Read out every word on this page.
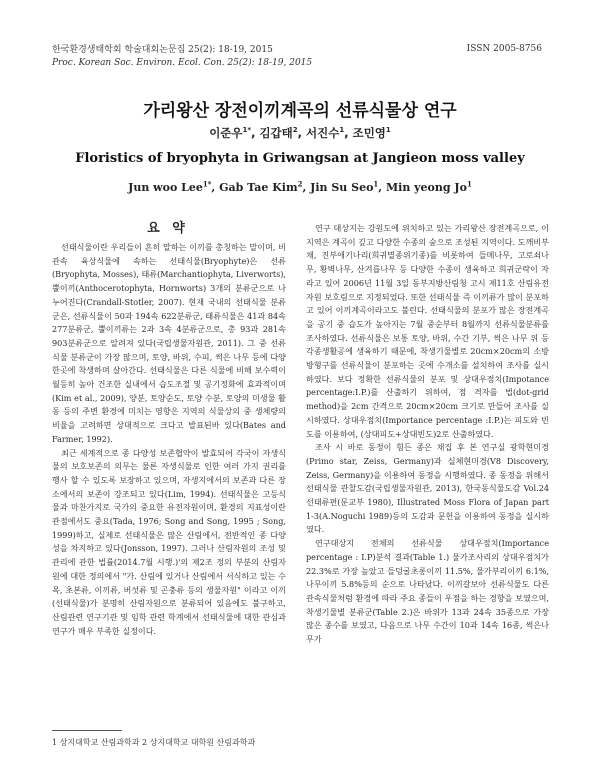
한국환경생태학회 학술대회논문집 25(2): 18-19, 2015
Proc. Korean Soc. Environ. Ecol. Con. 25(2): 18-19, 2015
ISSN 2005-8756
가리왕산 장전이끼계곡의 선류식물상 연구
이준우$^{1*}$, 김갑태$^2$, 서진수$^1$, 조민영$^1$
Floristics of bryophyta in Griwangsan at Jangieon moss valley
Jun woo Lee$^{1*}$, Gab Tae Kim$^2$, Jin Su Seo$^1$, Min yeong Jo$^1$
요 약

선태식물이란 우리들이 흔히 말하는 이끼를 총칭하는 말이며, 비관속 육상식물에 속하는 선태식물(Bryophyte)은 선류(Bryophyta, Mosses), 태류(Marchantiophyta, Liverworts), 뿔이끼(Anthocerotophyta, Hornworts) 3개의 분류군으로 나누어진다(Crandall-Stotler, 2007). 현재 국내의 선태식물 분류군은, 선류식물이 50과 194속 622분류군, 태류식물은 41과 84속 277분류군, 뿔이끼류는 2과 3속 4분류군으로, 총 93과 281속 903분류군으로 알려져 있다(국립생물자원관, 2011). 그 중 선류식물 분류군이 가장 많으며, 토양, 바위, 수피, 썩은 나무 등에 다양한곳에 착생하며 살아간다. 선태식물은 다른 식물에 비해 보수력이 월등히 높아 건조한 실내에서 습도조절 및 공기정화에 효과적이며(Kim et al., 2009), 양분, 토양순도, 토양 수분, 토양의 미생물 활동 등의 주변 환경에 미치는 영향은 지역의 식물상의 중 생체량의 비율을 고려하면 상대적으로 크다고 발표된바 있다(Bates and Farmer, 1992).

최근 세계적으로 종 다양성 보존협약이 발효되어 각국이 자생식물의 보호보존의 의무는 물론 자생식물로 인한 여러 가지 권리를 행사 할 수 있도록 보장하고 있으며, 자생지에서의 보존과 다른 장소에서의 보존이 강조되고 있다(Lim, 1994). 선태식물은 고등식물과 마찬가지로 국가의 중요한 유전자원이며, 환경의 지표성이란 관점에서도 중요(Tada, 1976; Song and Song, 1995 ; Song, 1999)하고, 실제로 선태식물은 많은 산림에서, 전반적인 종 다양성을 차지하고 있다(Jonsson, 1997). 그러나 산림자원의 조성 및 관리에 관한 법률(2014.7월 시행.)'의 제2조 정의 부분의 산림자원에 대한 정의에서 "가. 산림에 있거나 산림에서 서식하고 있는 수목, 초본류, 이끼류, 버섯류 및 곤충류 등의 생물자원" 이라고 이끼(선태식물)가 분명히 산림자원으로 분류되어 있음에도 불구하고, 산림관련 연구기관 및 임학 관련 학계에서 선태식물에 대한 관심과 연구가 매우 부족한 실정이다.

연구 대상지는 강원도에 위치하고 있는 가리왕산 장전계곡으로, 이 지역은 계곡이 깊고 다양한 수종의 숲으로 조성된 지역이다. 도깨비부채, 진부애기나리(희귀멸종위기종)를 비롯하여 들메나무, 고로쇠나무, 황벽나무, 산겨릅나무 등 다양한 수종이 생육하고 희귀군락이 자라고 있어 2006년 11월 3일 동부지방산림청 고시 제11호 산림유전자원 보호림으로 지정되었다. 또한 선태식물 즉 이끼류가 많이 분포하고 있어 이끼계곡이라고도 불린다. 선태식물의 분포가 많은 장전계곡을 공기 중 습도가 높아지는 7월 중순부터 8월까지 선류식물분류를 조사하였다. 선류식물은 보통 토양, 바위, 수간 기부, 썩은 나무 위 등 각종생활공에 생육하기 때문에, 착생기물별로 20cm×20cm의 소방방형구를 선류식물이 분포하는 곳에 수개소를 설치하여 조사를 실시하였다. 보다 정확한 선류식물의 분포 및 상대우점치(Impotance percentage:I.P.)를 산출하기 위하여, 점 격자를 법(dot-grid method)을 2cm 간격으로 20cm×20cm 크기로 만들어 조사를 실시하였다. 상대우점치(Importance percentage :I.P.)는 피도와 빈도를 이용하여, (상대피도+상대빈도)2로 산출하였다.

조사 시 바로 동정이 힘든 종은 채집 후 본 연구실 광학현미경(Primo star, Zeiss, Germany)과 실체현미경(V8 Discovery, Zeiss, Germany)을 이용하여 동정을 시행하였다. 종 동정을 위해서 선태식물 관찰도감(국립생물자원관, 2013), 한국동식물도감 Vol.24 선태류편(문교부 1980), Illustrated Moss Flora of Japan part 1-3(A.Noguchi 1989)등의 도감과 문헌을 이용하여 동정을 실시하였다.

연구대상지 전체의 선류식물 상대우점치(Importance percentage : I.P)분석 결과(Table 1.) 물가조사리의 상대우점치가 22.3%로 가장 높았고 들덩굴초롱이끼 11.5%, 물가부리이끼 6.1%, 나무이끼 5.8%등의 순으로 나타났다. 이끼갈보아 선류식물도 다른 관속식물처럼 환경에 따라 주요 종들이 우점을 하는 경향을 보였으며, 착생기물별 분류군(Table 2.)은 바위가 13과 24속 35종으로 가장 많은 종수를 보였고, 다음으로 나무 수간이 10과 14속 16종, 썩은나무가

1 상지대학교 산림과학과 2 상지대학교 대학원 산림과학과
